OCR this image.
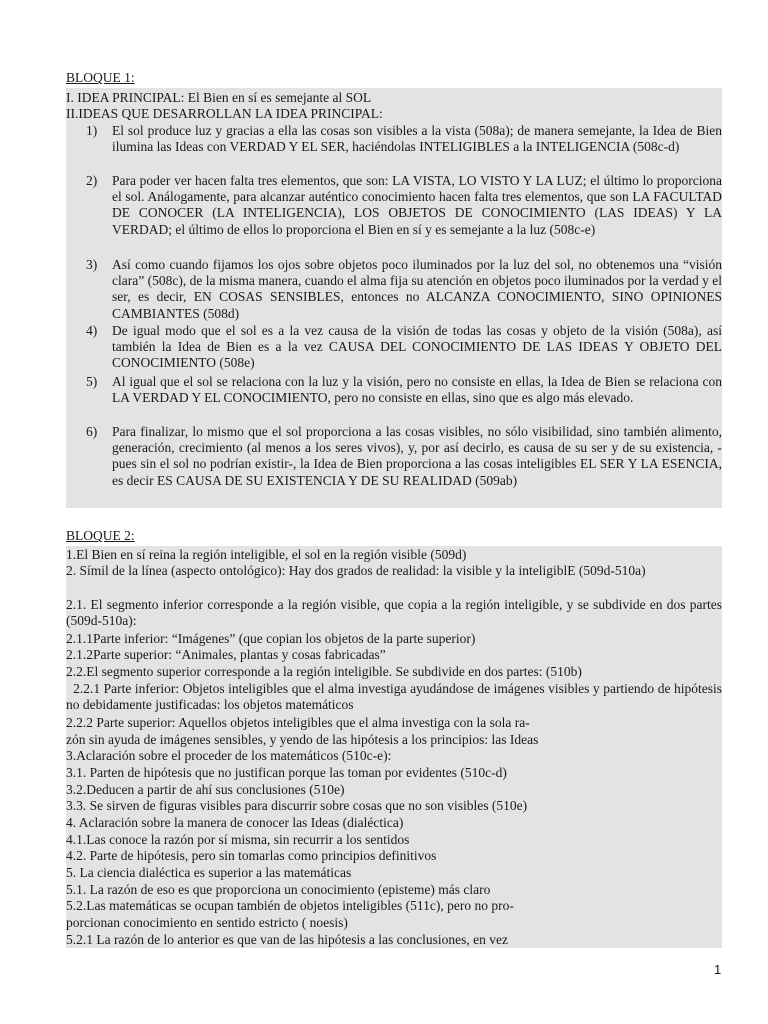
BLOQUE 1:
I. IDEA PRINCIPAL: El Bien en sí es semejante al SOL
II.IDEAS QUE DESARROLLAN LA IDEA PRINCIPAL:
1) El sol produce luz y gracias a ella las cosas son visibles a la vista (508a); de manera semejante, la Idea de Bien ilumina las Ideas con VERDAD Y EL SER, haciéndolas INTELIGIBLES a la INTELIGENCIA (508c-d)
2) Para poder ver hacen falta tres elementos, que son: LA VISTA, LO VISTO Y LA LUZ; el último lo proporciona el sol. Análogamente, para alcanzar auténtico conocimiento hacen falta tres elementos, que son LA FACULTAD DE CONOCER (LA INTELIGENCIA), LOS OBJETOS DE CONOCIMIENTO (LAS IDEAS) Y LA VERDAD; el último de ellos lo proporciona el Bien en sí y es semejante a la luz (508c-e)
3) Así como cuando fijamos los ojos sobre objetos poco iluminados por la luz del sol, no obtenemos una “visión clara” (508c), de la misma manera, cuando el alma fija su atención en objetos poco iluminados por la verdad y el ser, es decir, EN COSAS SENSIBLES, entonces no ALCANZA CONOCIMIENTO, SINO OPINIONES CAMBIANTES (508d)
4) De igual modo que el sol es a la vez causa de la visión de todas las cosas y objeto de la visión (508a), así también la Idea de Bien es a la vez CAUSA DEL CONOCIMIENTO DE LAS IDEAS Y OBJETO DEL CONOCIMIENTO (508e)
5) Al igual que el sol se relaciona con la luz y la visión, pero no consiste en ellas, la Idea de Bien se relaciona con LA VERDAD Y EL CONOCIMIENTO, pero no consiste en ellas, sino que es algo más elevado.
6) Para finalizar, lo mismo que el sol proporciona a las cosas visibles, no sólo visibilidad, sino también alimento, generación, crecimiento (al menos a los seres vivos), y, por así decirlo, es causa de su ser y de su existencia, -pues sin el sol no podrían existir-, la Idea de Bien proporciona a las cosas inteligibles EL SER Y LA ESENCIA, es decir ES CAUSA DE SU EXISTENCIA Y DE SU REALIDAD (509ab)
BLOQUE 2:
1.El Bien en sí reina la región inteligible, el sol en la región visible (509d)
2. Símil de la línea (aspecto ontológico): Hay dos grados de realidad: la visible y la inteligiblE (509d-510a)
2.1. El segmento inferior corresponde a la región visible, que copia a la región inteligible, y se subdivide en dos partes (509d-510a):
2.1.1Parte inferior: “Imágenes” (que copian los objetos de la parte superior)
2.1.2Parte superior: “Animales, plantas y cosas fabricadas”
2.2.El segmento superior corresponde a la región inteligible. Se subdivide en dos partes: (510b)
2.2.1 Parte inferior: Objetos inteligibles que el alma investiga ayudándose de imágenes visibles y partiendo de hipótesis no debidamente justificadas: los objetos matemáticos
2.2.2 Parte superior: Aquellos objetos inteligibles que el alma investiga con la sola ra-
zón sin ayuda de imágenes sensibles, y yendo de las hipótesis a los principios: las Ideas
3.Aclaración sobre el proceder de los matemáticos (510c-e):
3.1. Parten de hipótesis que no justifican porque las toman por evidentes (510c-d)
3.2.Deducen a partir de ahí sus conclusiones (510e)
3.3. Se sirven de figuras visibles para discurrir sobre cosas que no son visibles (510e)
4. Aclaración sobre la manera de conocer las Ideas (dialéctica)
4.1.Las conoce la razón por sí misma, sin recurrir a los sentidos
4.2. Parte de hipótesis, pero sin tomarlas como principios definitivos
5. La ciencia dialéctica es superior a las matemáticas
5.1. La razón de eso es que proporciona un conocimiento (episteme) más claro
5.2.Las matemáticas se ocupan también de objetos inteligibles (511c), pero no pro-
porcionan conocimiento en sentido estricto ( noesis)
5.2.1 La razón de lo anterior es que van de las hipótesis a las conclusiones, en vez
1
